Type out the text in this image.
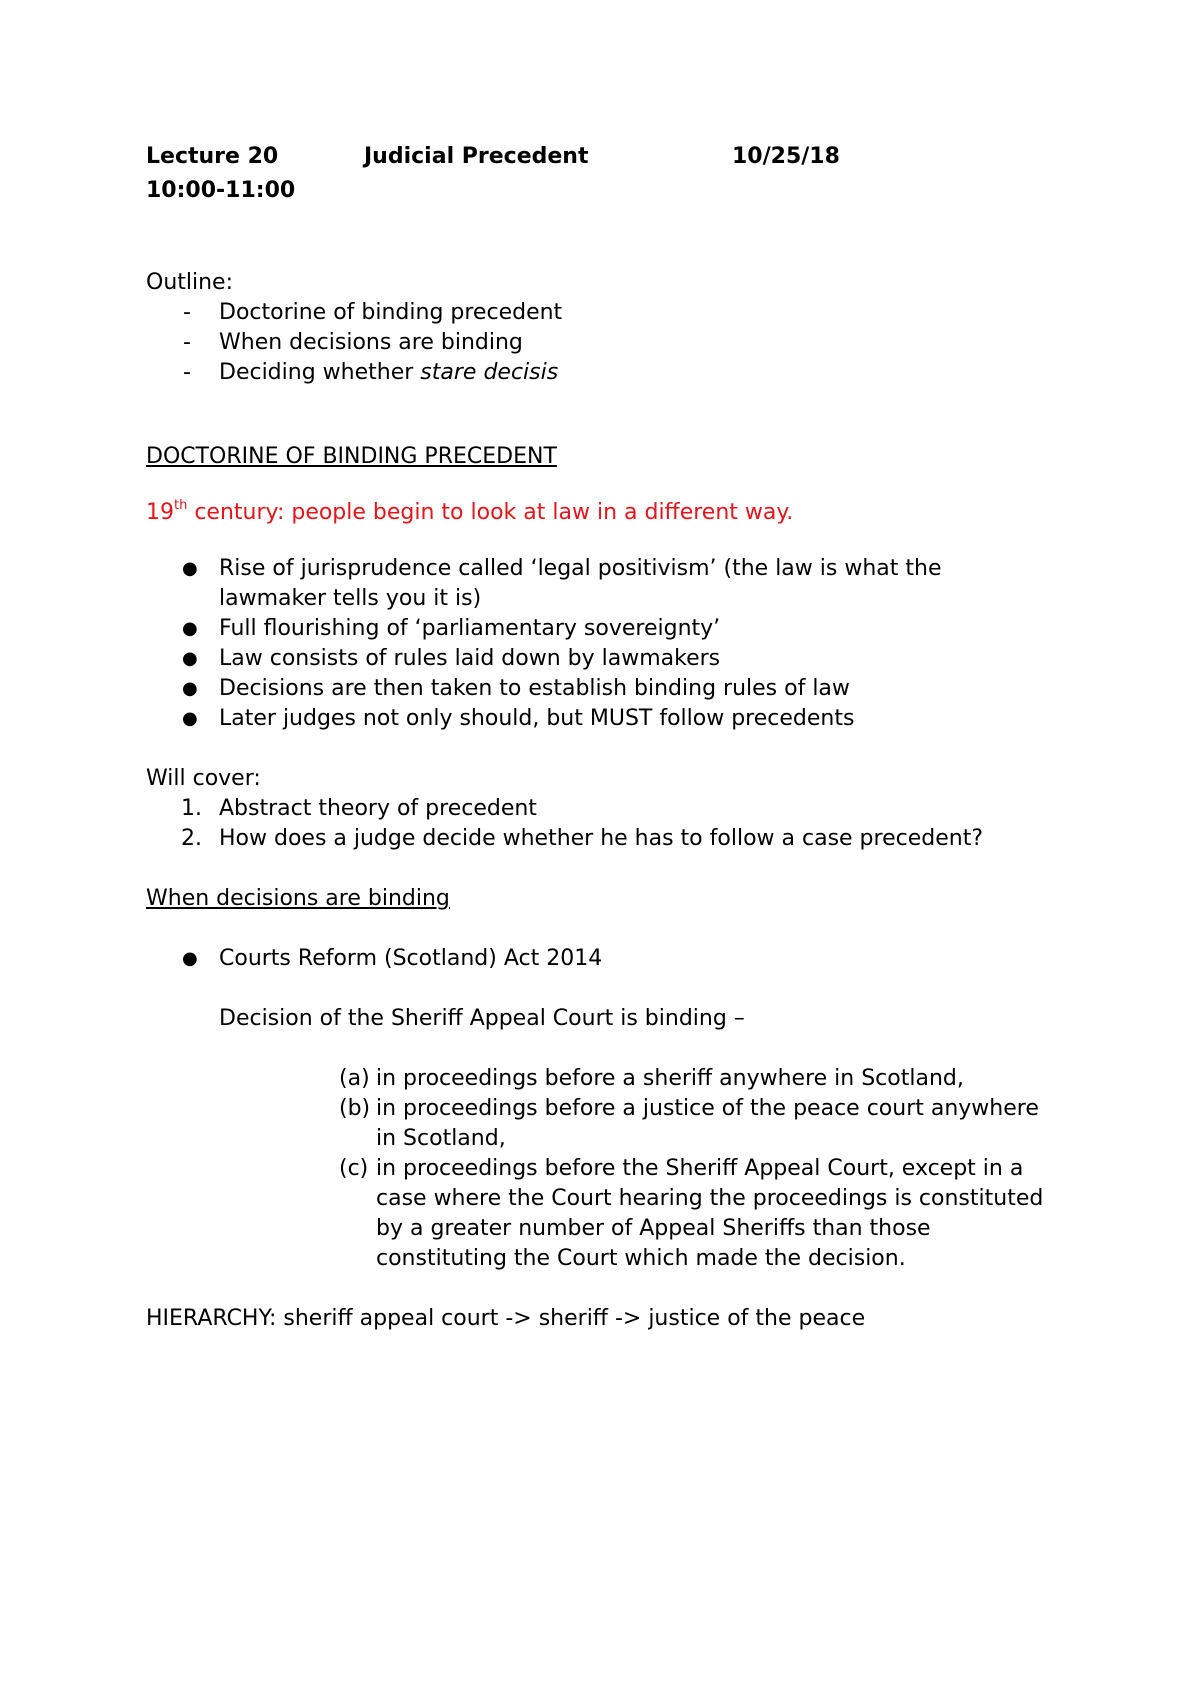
Lecture 20	Judicial Precedent	10/25/18
10:00-11:00
Outline:
- Doctorine of binding precedent
- When decisions are binding
- Deciding whether stare decisis
DOCTORINE OF BINDING PRECEDENT
19th century: people begin to look at law in a different way.
● Rise of jurisprudence called ‘legal positivism’ (the law is what the lawmaker tells you it is)
● Full flourishing of ‘parliamentary sovereignty’
● Law consists of rules laid down by lawmakers
● Decisions are then taken to establish binding rules of law
● Later judges not only should, but MUST follow precedents
Will cover:
1. Abstract theory of precedent
2. How does a judge decide whether he has to follow a case precedent?
When decisions are binding
● Courts Reform (Scotland) Act 2014
Decision of the Sheriff Appeal Court is binding –
(a) in proceedings before a sheriff anywhere in Scotland,
(b) in proceedings before a justice of the peace court anywhere in Scotland,
(c) in proceedings before the Sheriff Appeal Court, except in a case where the Court hearing the proceedings is constituted by a greater number of Appeal Sheriffs than those constituting the Court which made the decision.
HIERARCHY: sheriff appeal court -> sheriff -> justice of the peace
